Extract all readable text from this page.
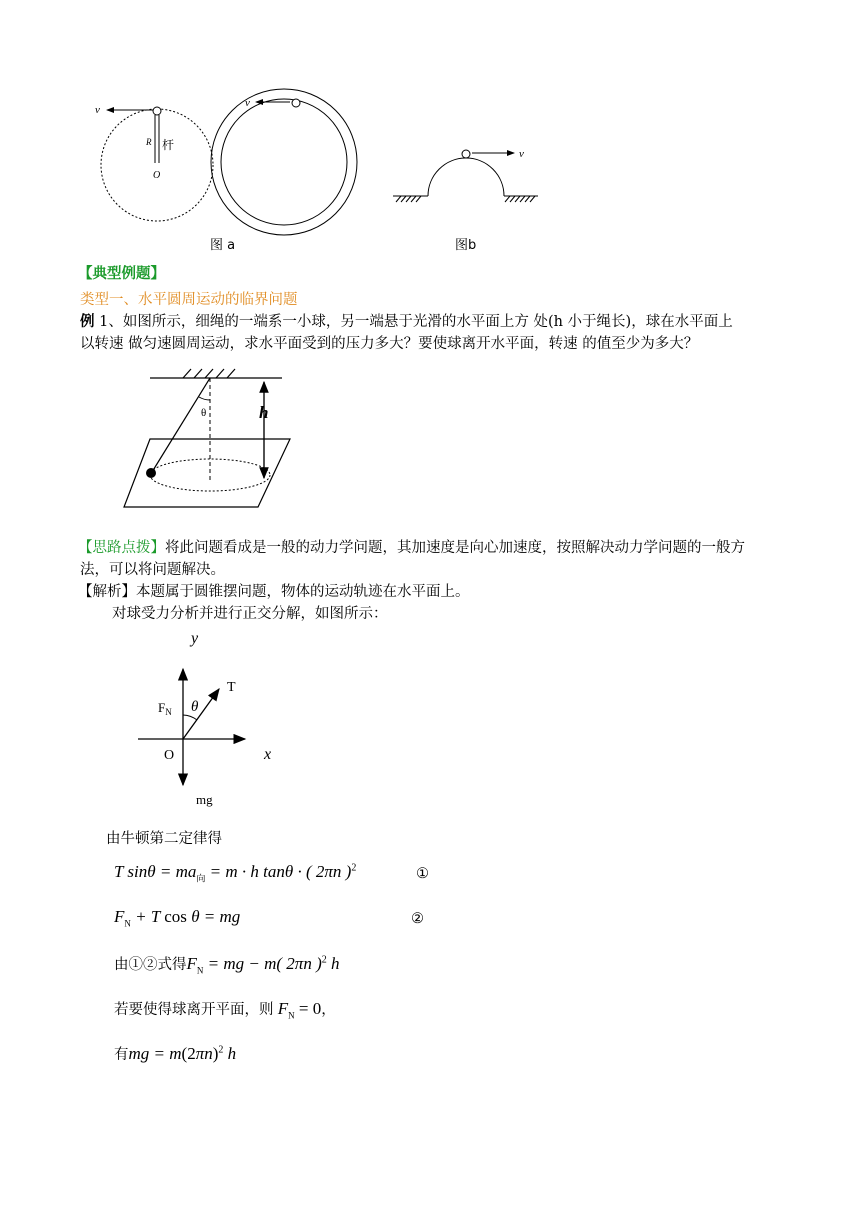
v
R 杆
O
v
v
图 a	图b
【典型例题】
类型一、水平圆周运动的临界问题
例 1、如图所示，细绳的一端系一小球，另一端悬于光滑的水平面上方 处(h 小于绳长)，球在水平面上
以转速 做匀速圆周运动，求水平面受到的压力多大？要使球离开水平面，转速 的值至少为多大？
θ	h
【思路点拨】将此问题看成是一般的动力学问题，其加速度是向心加速度，按照解决动力学问题的一般方
法，可以将问题解决。
【解析】本题属于圆锥摆问题，物体的运动轨迹在水平面上。
对球受力分析并进行正交分解，如图所示：
y
T
$F_N$ θ
O	x
mg
由牛顿第二定律得
T $\sin\theta = ma_向 = m \cdot h$ tanθ · ( 2πn )$^2$	①
$F_N + T$ cos θ = mg	②
由①②式得$F_N$ = mg − m( 2πn )$^2$ h
若要使得球离开平面，则 $F_N = 0$，
有mg = $m(2\pi n)^2$ h
